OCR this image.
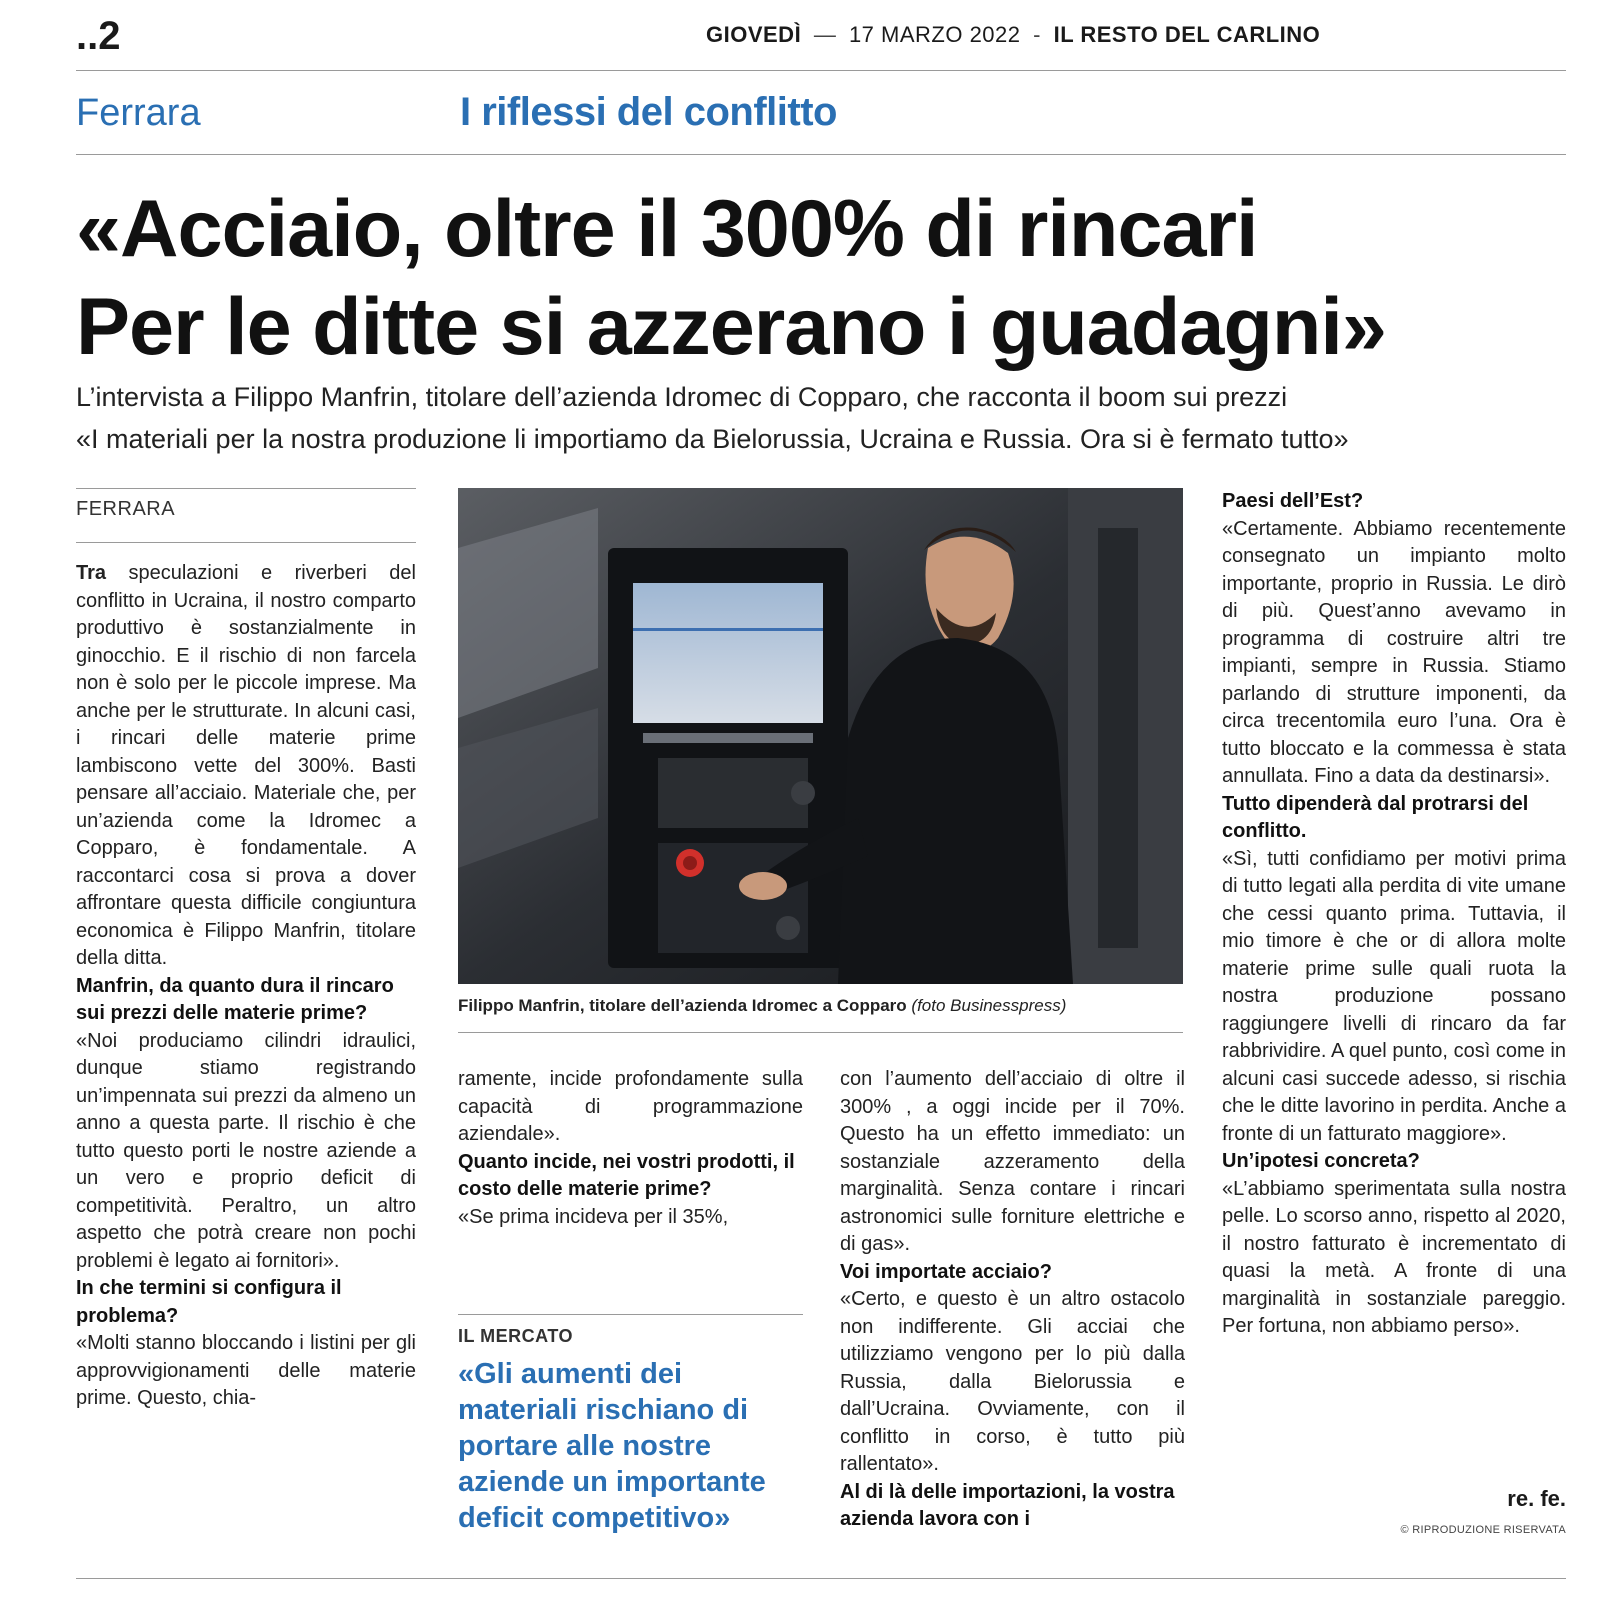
..2	GIOVEDÌ — 17 MARZO 2022 - IL RESTO DEL CARLINO
Ferrara	I riflessi del conflitto
«Acciaio, oltre il 300% di rincari
Per le ditte si azzerano i guadagni»
L’intervista a Filippo Manfrin, titolare dell’azienda Idromec di Copparo, che racconta il boom sui prezzi
«I materiali per la nostra produzione li importiamo da Bielorussia, Ucraina e Russia. Ora si è fermato tutto»
FERRARA

Tra speculazioni e riverberi del conflitto in Ucraina, il nostro comparto produttivo è sostanzialmente in ginocchio. E il rischio di non farcela non è solo per le piccole imprese. Ma anche per le strutturate. In alcuni casi, i rincari delle materie prime lambiscono vette del 300%. Basti pensare all’acciaio. Materiale che, per un’azienda come la Idromec a Copparo, è fondamentale. A raccontarci cosa si prova a dover affrontare questa difficile congiuntura economica è Filippo Manfrin, titolare della ditta.

Manfrin, da quanto dura il rincaro sui prezzi delle materie prime?

«Noi produciamo cilindri idraulici, dunque stiamo registrando un’impennata sui prezzi da almeno un anno a questa parte. Il rischio è che tutto questo porti le nostre aziende a un vero e proprio deficit di competitività. Peraltro, un altro aspetto che potrà creare non pochi problemi è legato ai fornitori».

In che termini si configura il problema?

«Molti stanno bloccando i listini per gli approvvigionamenti delle materie prime. Questo, chia-

Filippo Manfrin, titolare dell’azienda Idromec a Copparo (foto Businesspress)

ramente, incide profondamente sulla capacità di programmazione aziendale».

Quanto incide, nei vostri prodotti, il costo delle materie prime?

«Se prima incideva per il 35%,

IL MERCATO
«Gli aumenti dei materiali rischiano di portare alle nostre aziende un importante deficit competitivo»

con l’aumento dell’acciaio di oltre il 300% , a oggi incide per il 70%. Questo ha un effetto immediato: un sostanziale azzeramento della marginalità. Senza contare i rincari astronomici sulle forniture elettriche e di gas».

Voi importate acciaio?

«Certo, e questo è un altro ostacolo non indifferente. Gli acciai che utilizziamo vengono per lo più dalla Russia, dalla Bielorussia e dall’Ucraina. Ovviamente, con il conflitto in corso, è tutto più rallentato».

Al di là delle importazioni, la vostra azienda lavora con i

Paesi dell’Est?

«Certamente. Abbiamo recentemente consegnato un impianto molto importante, proprio in Russia. Le dirò di più. Quest’anno avevamo in programma di costruire altri tre impianti, sempre in Russia. Stiamo parlando di strutture imponenti, da circa trecentomila euro l’una. Ora è tutto bloccato e la commessa è stata annullata. Fino a data da destinarsi».

Tutto dipenderà dal protrarsi del conflitto.

«Sì, tutti confidiamo per motivi prima di tutto legati alla perdita di vite umane che cessi quanto prima. Tuttavia, il mio timore è che or di allora molte materie prime sulle quali ruota la nostra produzione possano raggiungere livelli di rincaro da far rabbrividire. A quel punto, così come in alcuni casi succede adesso, si rischia che le ditte lavorino in perdita. Anche a fronte di un fatturato maggiore».

Un’ipotesi concreta?

«L’abbiamo sperimentata sulla nostra pelle. Lo scorso anno, rispetto al 2020, il nostro fatturato è incrementato di quasi la metà. A fronte di una marginalità in sostanziale pareggio. Per fortuna, non abbiamo perso».

re. fe.
© RIPRODUZIONE RISERVATA
